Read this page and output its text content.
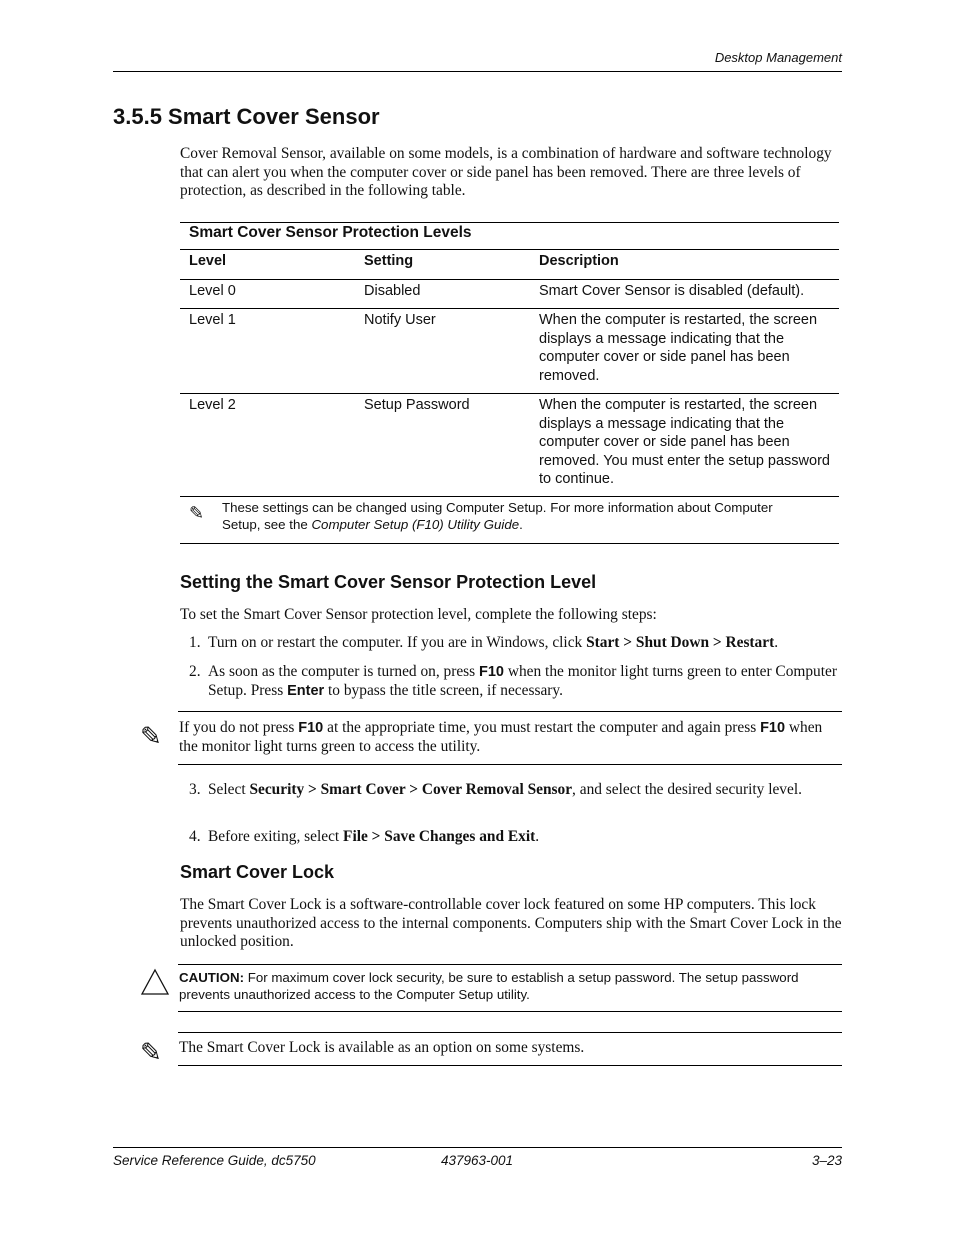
Desktop Management
3.5.5 Smart Cover Sensor
Cover Removal Sensor, available on some models, is a combination of hardware and software technology that can alert you when the computer cover or side panel has been removed. There are three levels of protection, as described in the following table.
Smart Cover Sensor Protection Levels
Level	Setting	Description
Level 0	Disabled	Smart Cover Sensor is disabled (default).
Level 1	Notify User	When the computer is restarted, the screen displays a message indicating that the computer cover or side panel has been removed.
Level 2	Setup Password	When the computer is restarted, the screen displays a message indicating that the computer cover or side panel has been removed. You must enter the setup password to continue.
✎	These settings can be changed using Computer Setup. For more information about Computer Setup, see the Computer Setup (F10) Utility Guide.
Setting the Smart Cover Sensor Protection Level
To set the Smart Cover Sensor protection level, complete the following steps:
1. Turn on or restart the computer. If you are in Windows, click Start > Shut Down > Restart.
2. As soon as the computer is turned on, press F10 when the monitor light turns green to enter Computer Setup. Press Enter to bypass the title screen, if necessary.
✎ If you do not press F10 at the appropriate time, you must restart the computer and again press F10 when the monitor light turns green to access the utility.
3. Select Security > Smart Cover > Cover Removal Sensor, and select the desired security level.
4. Before exiting, select File > Save Changes and Exit.
Smart Cover Lock
The Smart Cover Lock is a software-controllable cover lock featured on some HP computers. This lock prevents unauthorized access to the internal components. Computers ship with the Smart Cover Lock in the unlocked position.
CAUTION: For maximum cover lock security, be sure to establish a setup password. The setup password prevents unauthorized access to the Computer Setup utility.
✎ The Smart Cover Lock is available as an option on some systems.
Service Reference Guide, dc5750	437963-001	3–23
